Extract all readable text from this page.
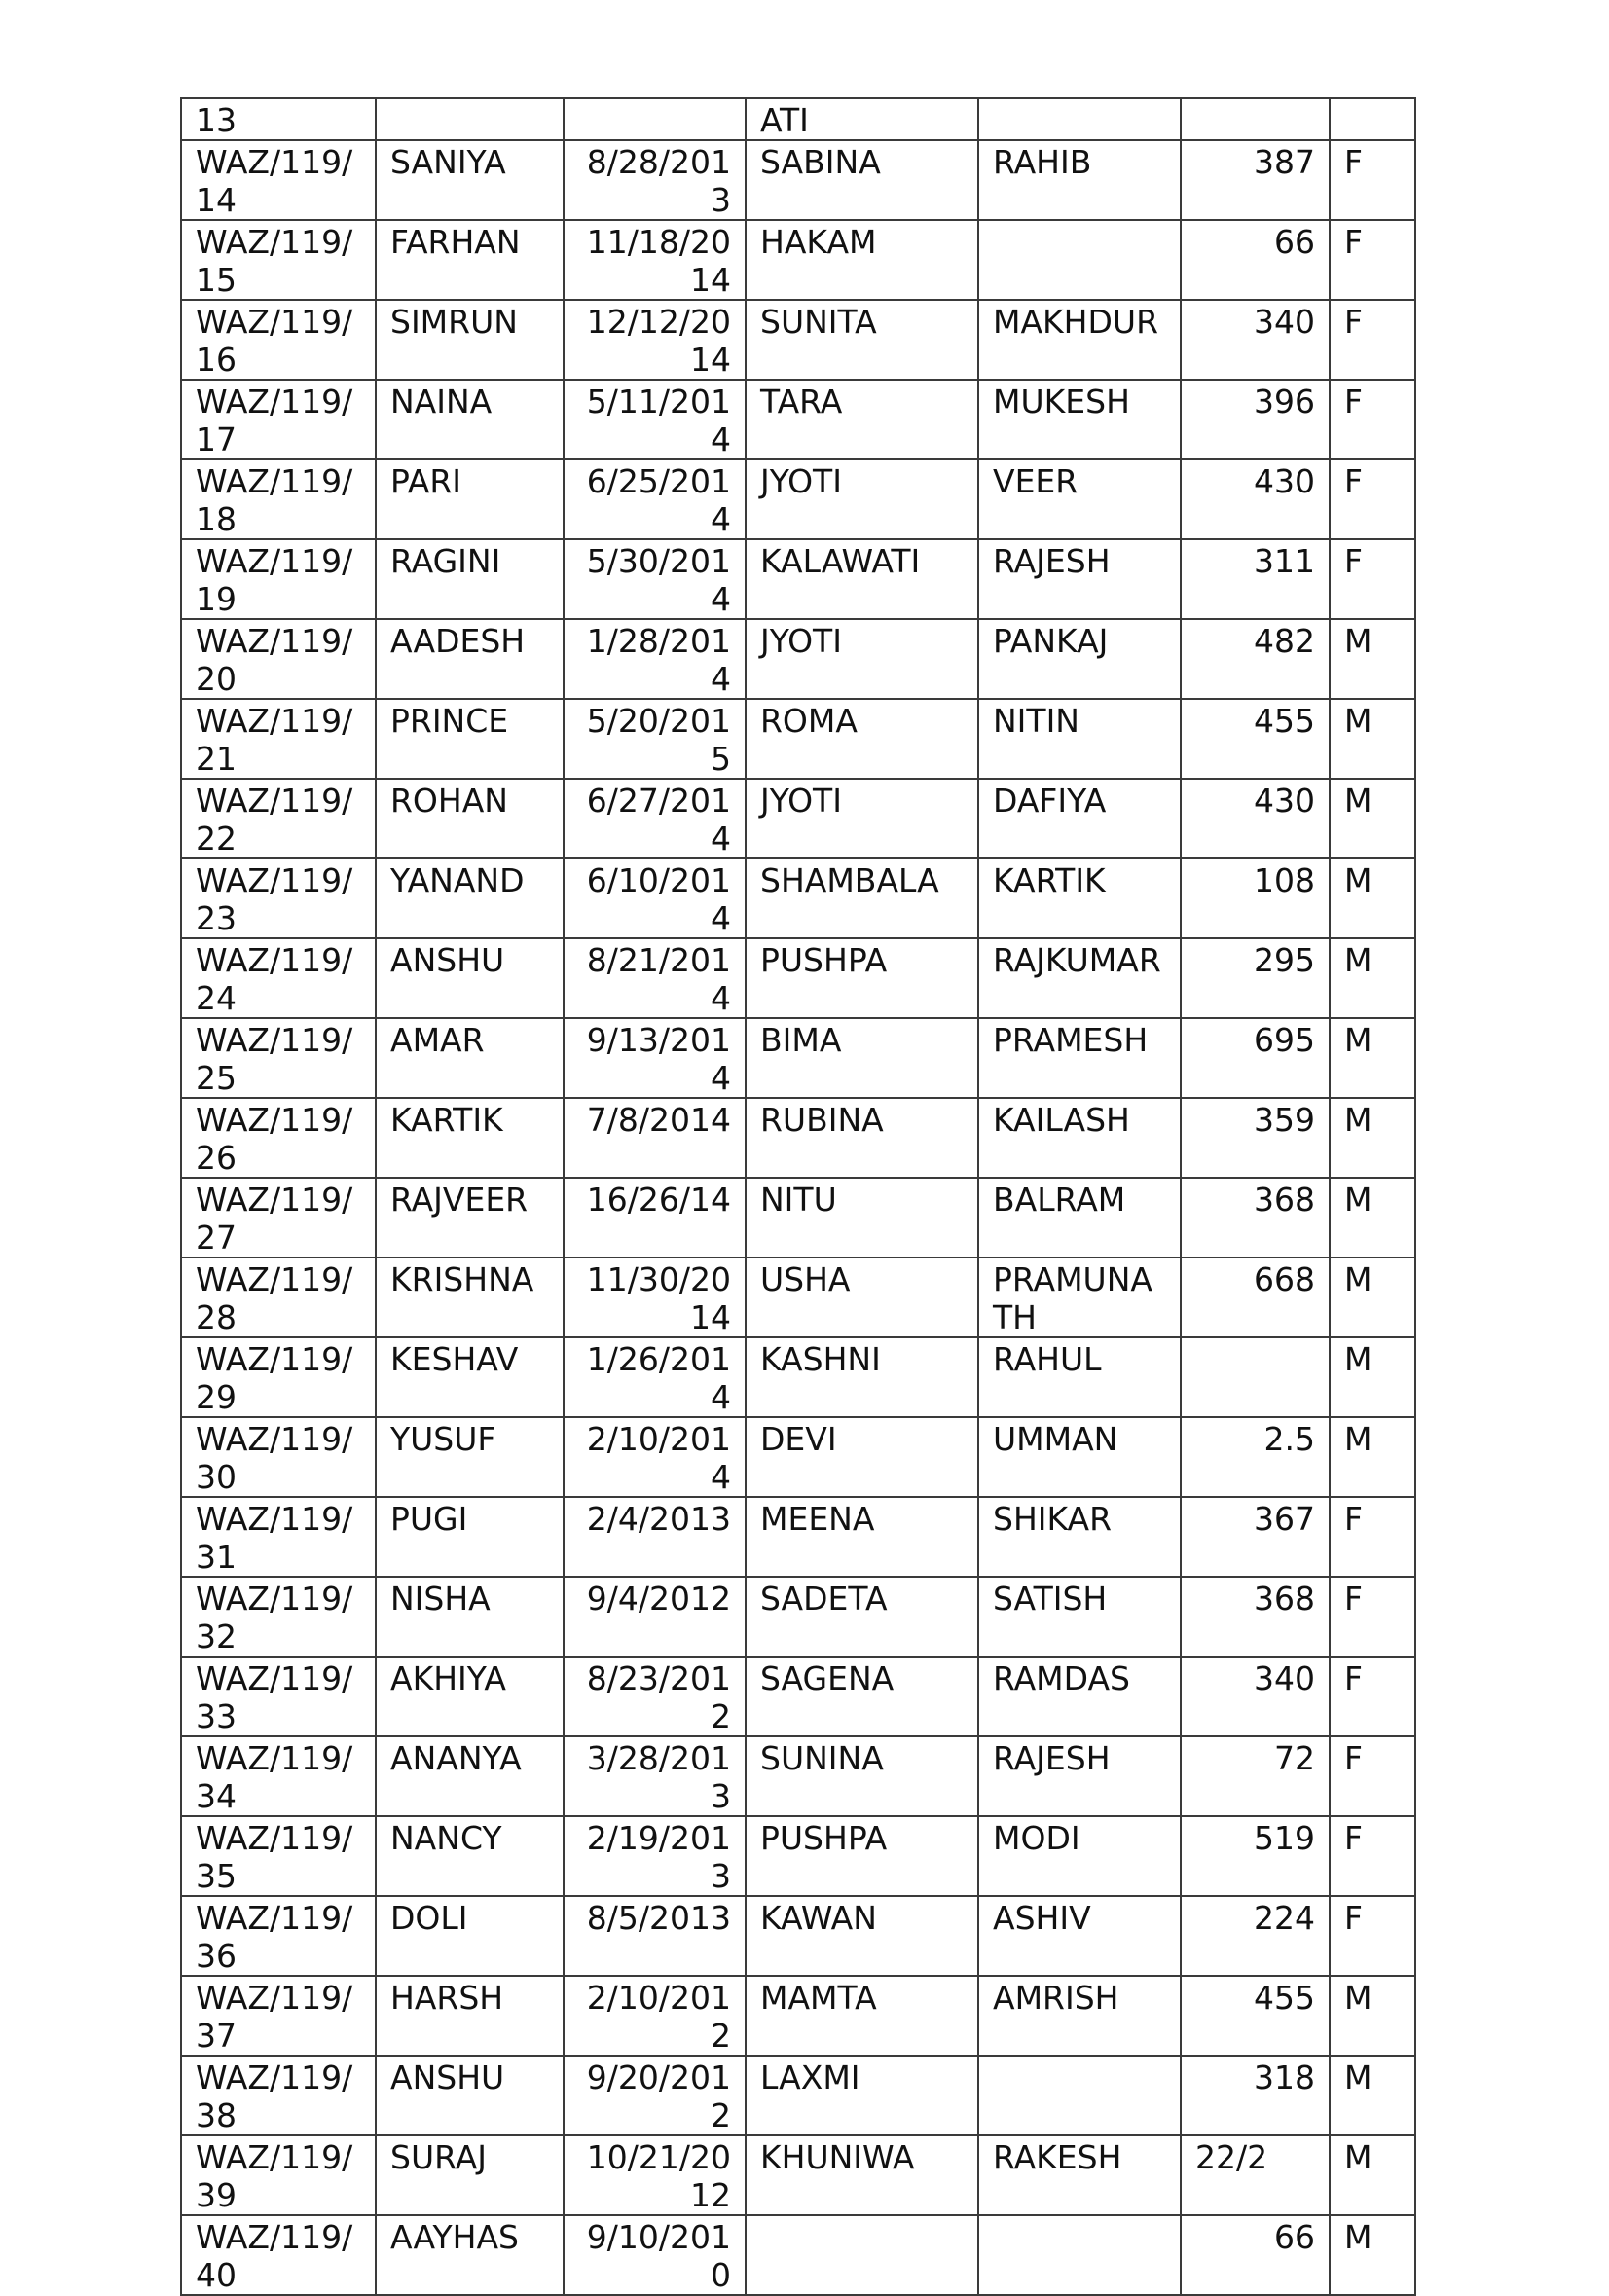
13			ATI			
WAZ/119/14	SANIYA	8/28/2013	SABINA	RAHIB	387	F
WAZ/119/15	FARHAN	11/18/2014	HAKAM		66	F
WAZ/119/16	SIMRUN	12/12/2014	SUNITA	MAKHDUR	340	F
WAZ/119/17	NAINA	5/11/2014	TARA	MUKESH	396	F
WAZ/119/18	PARI	6/25/2014	JYOTI	VEER	430	F
WAZ/119/19	RAGINI	5/30/2014	KALAWATI	RAJESH	311	F
WAZ/119/20	AADESH	1/28/2014	JYOTI	PANKAJ	482	M
WAZ/119/21	PRINCE	5/20/2015	ROMA	NITIN	455	M
WAZ/119/22	ROHAN	6/27/2014	JYOTI	DAFIYA	430	M
WAZ/119/23	YANAND	6/10/2014	SHAMBALA	KARTIK	108	M
WAZ/119/24	ANSHU	8/21/2014	PUSHPA	RAJKUMAR	295	M
WAZ/119/25	AMAR	9/13/2014	BIMA	PRAMESH	695	M
WAZ/119/26	KARTIK	7/8/2014	RUBINA	KAILASH	359	M
WAZ/119/27	RAJVEER	16/26/14	NITU	BALRAM	368	M
WAZ/119/28	KRISHNA	11/30/2014	USHA	PRAMUNATH	668	M
WAZ/119/29	KESHAV	1/26/2014	KASHNI	RAHUL		M
WAZ/119/30	YUSUF	2/10/2014	DEVI	UMMAN	2.5	M
WAZ/119/31	PUGI	2/4/2013	MEENA	SHIKAR	367	F
WAZ/119/32	NISHA	9/4/2012	SADETA	SATISH	368	F
WAZ/119/33	AKHIYA	8/23/2012	SAGENA	RAMDAS	340	F
WAZ/119/34	ANANYA	3/28/2013	SUNINA	RAJESH	72	F
WAZ/119/35	NANCY	2/19/2013	PUSHPA	MODI	519	F
WAZ/119/36	DOLI	8/5/2013	KAWAN	ASHIV	224	F
WAZ/119/37	HARSH	2/10/2012	MAMTA	AMRISH	455	M
WAZ/119/38	ANSHU	9/20/2012	LAXMI		318	M
WAZ/119/39	SURAJ	10/21/2012	KHUNIWA	RAKESH	22/2	M
WAZ/119/40	AAYHAS	9/10/2010			66	M
